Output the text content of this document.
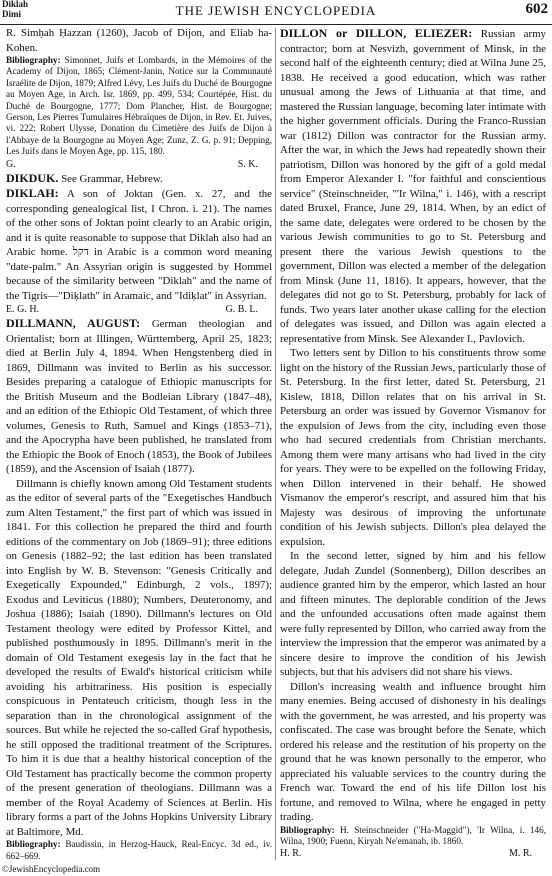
Diklah
Dimi	THE JEWISH ENCYCLOPEDIA	602

R. Simḥah Ḥazzan (1260), Jacob of Dijon, and Eliab ha-Kohen.

Bibliography: Simonnet, Juifs et Lombards, in the Mémoires of the Academy of Dijon, 1865; Clément-Janin, Notice sur la Communauté Israélite de Dijon, 1879; Alfred Lévy, Les Juifs du Duché de Bourgogne au Moyen Age, in Arch. Isr. 1869, pp. 499, 534; Courtépée, Hist. du Duché de Bourgogne, 1777; Dom Plancher, Hist. de Bourgogne; Gerson, Les Pierres Tumulaires Hébraïques de Dijon, in Rev. Et. Juives, vi. 222; Robert Ulysse, Donation du Cimetière des Juifs de Dijon à l'Abbaye de la Bourgogne au Moyen Age; Zunz, Z. G. p. 91; Depping, Les Juifs dans le Moyen Age, pp. 115, 180.

G.	S. K.

DIKDUK. See Grammar, Hebrew.

DIKLAH: A son of Joktan (Gen. x. 27, and the corresponding genealogical list, I Chron. i. 21). The names of the other sons of Joktan point clearly to an Arabic origin, and it is quite reasonable to suppose that Diklah also had an Arabic home. דקל in Arabic is a common word meaning "date-palm." An Assyrian origin is suggested by Hommel because of the similarity between "Diklah" and the name of the Tigris—"Diḳlath" in Aramaic, and "Idiḳlat" in Assyrian.

E. G. H.	G. B. L.

DILLMANN, AUGUST: German theologian and Orientalist; born at Illingen, Württemberg, April 25, 1823; died at Berlin July 4, 1894. When Hengstenberg died in 1869, Dillmann was invited to Berlin as his successor. Besides preparing a catalogue of Ethiopic manuscripts for the British Museum and the Bodleian Library (1847–48), and an edition of the Ethiopic Old Testament, of which three volumes, Genesis to Ruth, Samuel and Kings (1853–71), and the Apocrypha have been published, he translated from the Ethiopic the Book of Enoch (1853), the Book of Jubilees (1859), and the Ascension of Isaiah (1877).

Dillmann is chiefly known among Old Testament students as the editor of several parts of the "Exegetisches Handbuch zum Alten Testament," the first part of which was issued in 1841. For this collection he prepared the third and fourth editions of the commentary on Job (1869–91); three editions on Genesis (1882–92; the last edition has been translated into English by W. B. Stevenson: "Genesis Critically and Exegetically Expounded," Edinburgh, 2 vols., 1897); Exodus and Leviticus (1880); Numbers, Deuteronomy, and Joshua (1886); Isaiah (1890). Dillmann's lectures on Old Testament theology were edited by Professor Kittel, and published posthumously in 1895. Dillmann's merit in the domain of Old Testament exegesis lay in the fact that he developed the results of Ewald's historical criticism while avoiding his arbitrariness. His position is especially conspicuous in Pentateuch criticism, though less in the separation than in the chronological assignment of the sources. But while he rejected the so-called Graf hypothesis, he still opposed the traditional treatment of the Scriptures. To him it is due that a healthy historical conception of the Old Testament has practically become the common property of the present generation of theologians. Dillmann was a member of the Royal Academy of Sciences at Berlin. His library forms a part of the Johns Hopkins University Library at Baltimore, Md.

Bibliography: Baudissin, in Herzog-Hauck, Real-Encyc. 3d ed., iv. 662–669.

DILLON or DILLON, ELIEZER: Russian army contractor; born at Nesvizh, government of Minsk, in the second half of the eighteenth century; died at Wilna June 25, 1838. He received a good education, which was rather unusual among the Jews of Lithuania at that time, and mastered the Russian language, becoming later intimate with the higher government officials. During the Franco-Russian war (1812) Dillon was contractor for the Russian army. After the war, in which the Jews had repeatedly shown their patriotism, Dillon was honored by the gift of a gold medal from Emperor Alexander I. "for faithful and conscientious service" (Steinschneider, "'Ir Wilna," i. 146), with a rescript dated Bruxel, France, June 29, 1814. When, by an edict of the same date, delegates were ordered to be chosen by the various Jewish communities to go to St. Petersburg and present there the various Jewish questions to the government, Dillon was elected a member of the delegation from Minsk (June 11, 1816). It appears, however, that the delegates did not go to St. Petersburg, probably for lack of funds. Two years later another ukase calling for the election of delegates was issued, and Dillon was again elected a representative from Minsk. See Alexander I., Pavlovich.

Two letters sent by Dillon to his constituents throw some light on the history of the Russian Jews, particularly those of St. Petersburg. In the first letter, dated St. Petersburg, 21 Kislew, 1818, Dillon relates that on his arrival in St. Petersburg an order was issued by Governor Vismanov for the expulsion of Jews from the city, including even those who had secured credentials from Christian merchants. Among them were many artisans who had lived in the city for years. They were to be expelled on the following Friday, when Dillon intervened in their behalf. He showed Vismanov the emperor's rescript, and assured him that his Majesty was desirous of improving the unfortunate condition of his Jewish subjects. Dillon's plea delayed the expulsion.

In the second letter, signed by him and his fellow delegate, Judah Zundel (Sonnenberg), Dillon describes an audience granted him by the emperor, which lasted an hour and fifteen minutes. The deplorable condition of the Jews and the unfounded accusations often made against them were fully represented by Dillon, who carried away from the interview the impression that the emperor was animated by a sincere desire to improve the condition of his Jewish subjects, but that his advisers did not share his views.

Dillon's increasing wealth and influence brought him many enemies. Being accused of dishonesty in his dealings with the government, he was arrested, and his property was confiscated. The case was brought before the Senate, which ordered his release and the restitution of his property on the ground that he was known personally to the emperor, who appreciated his valuable services to the country during the French war. Toward the end of his life Dillon lost his fortune, and removed to Wilna, where he engaged in petty trading.

Bibliography: H. Steinschneider ("Ha-Maggid"), 'Ir Wilna, i. 146, Wilna, 1900; Fuenn, Kiryah Ne'emanah, ib. 1860.

H. R.	M. R.
©JewishEncyclopedia.com
